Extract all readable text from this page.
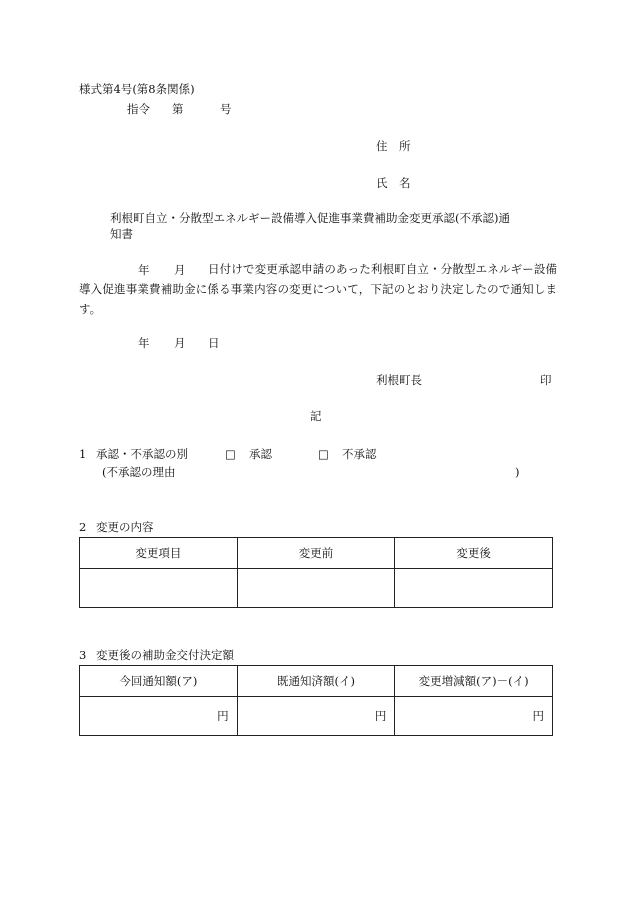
様式第4号(第8条関係)
指令 第	号
住　所
氏　名
利根町自立・分散型エネルギー設備導入促進事業費補助金変更承認(不承認)通
知書
年 月	日付けで変更承認申請のあった利根町自立・分散型エネルギー設備導入促進事業費補助金に係る事業内容の変更について，下記のとおり決定したので通知します。
年 月 日
利根町長	印
記
1 承認・不承認の別	□ 承認	□ 不承認
(不承認の理由	)
2 変更の内容
変更項目	変更前	変更後

3 変更後の補助金交付決定額
今回通知額(ア)	既通知済額(イ)	変更増減額(ア)－(イ)
円	円	円
